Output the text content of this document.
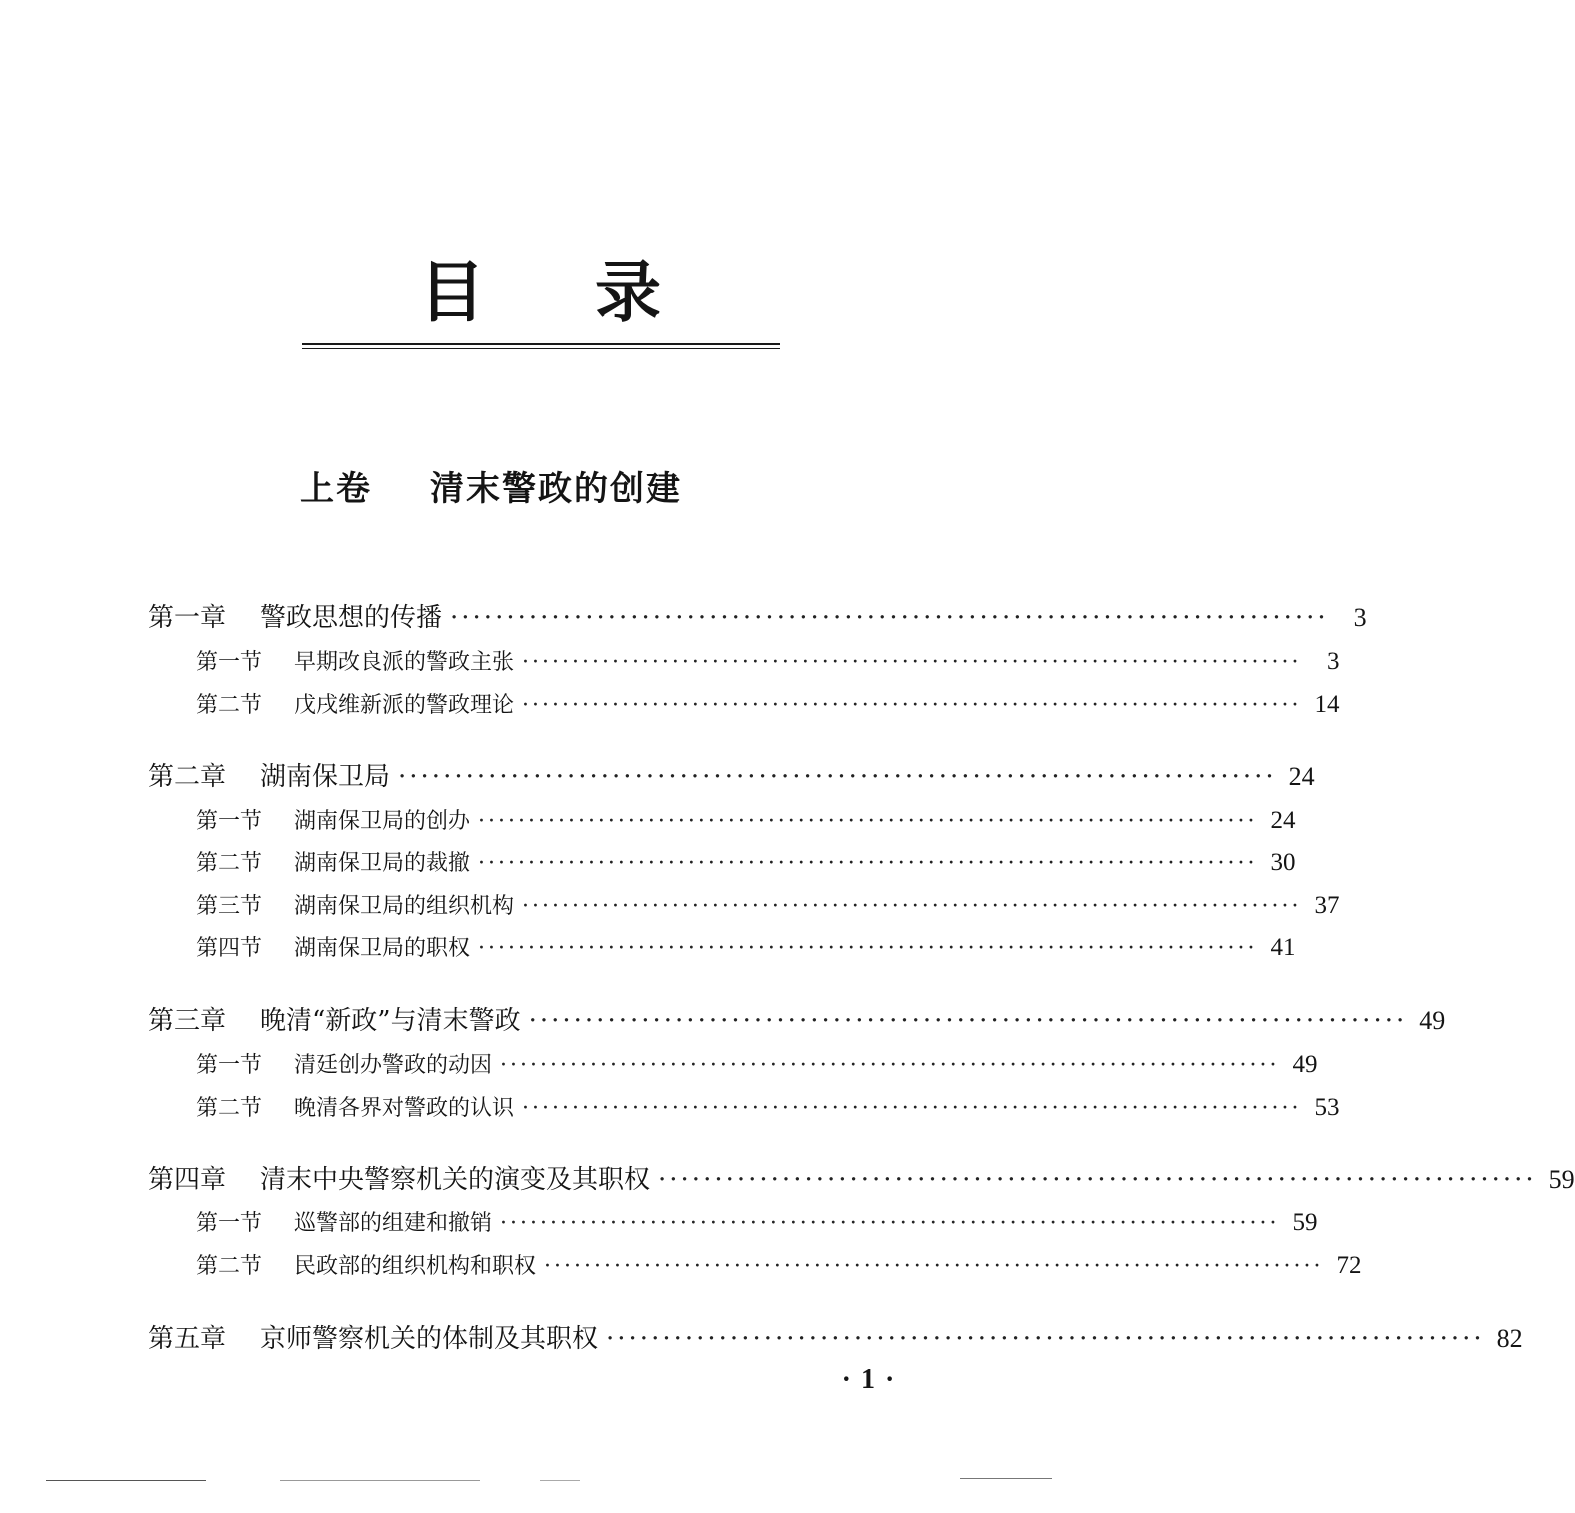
目 录
上卷 清末警政的创建
第一章	警政思想的传播 ·············································································· 3
第一节	早期改良派的警政主张 ··············································································	3
第二节	戊戌维新派的警政理论 ·············································································· 14
第二章	湖南保卫局 ·············································································· 24
第一节	湖南保卫局的创办 ·············································································· 24
第二节	湖南保卫局的裁撤 ·············································································· 30
第三节	湖南保卫局的组织机构 ·············································································· 37
第四节	湖南保卫局的职权 ·············································································· 41
第三章	晚清“新政”与清末警政 ·············································································· 49
第一节	清廷创办警政的动因 ·············································································· 49
第二节	晚清各界对警政的认识 ·············································································· 53
第四章	清末中央警察机关的演变及其职权 ·············································································· 59
第一节	巡警部的组建和撤销 ·············································································· 59
第二节	民政部的组织机构和职权 ·············································································· 72
第五章	京师警察机关的体制及其职权 ·············································································· 82
·1·
